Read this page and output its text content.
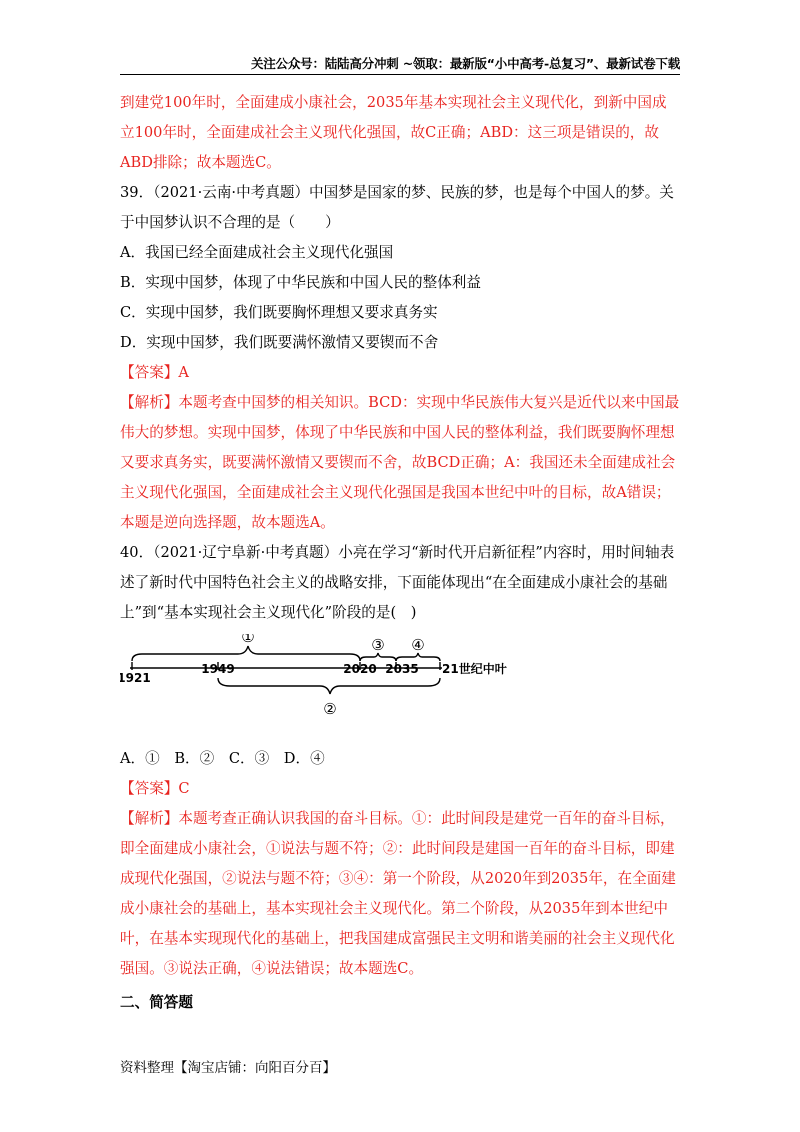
关注公众号：陆陆高分冲刺 ~领取：最新版“小中高考-总复习”、最新试卷下载

到建党100年时，全面建成小康社会，2035年基本实现社会主义现代化，到新中国成立100年时，全面建成社会主义现代化强国，故C正确；ABD：这三项是错误的，故ABD排除；故本题选C。

39．（2021·云南·中考真题）中国梦是国家的梦、民族的梦，也是每个中国人的梦。关于中国梦认识不合理的是（ ）

A．我国已经全面建成社会主义现代化强国

B．实现中国梦，体现了中华民族和中国人民的整体利益

C．实现中国梦，我们既要胸怀理想又要求真务实

D．实现中国梦，我们既要满怀激情又要锲而不舍

【答案】A

【解析】本题考查中国梦的相关知识。BCD：实现中华民族伟大复兴是近代以来中国最伟大的梦想。实现中国梦，体现了中华民族和中国人民的整体利益，我们既要胸怀理想又要求真务实，既要满怀激情又要锲而不舍，故BCD正确；A：我国还未全面建成社会主义现代化强国，全面建成社会主义现代化强国是我国本世纪中叶的目标，故A错误；本题是逆向选择题，故本题选A。

40．（2021·辽宁阜新·中考真题）小亮在学习“新时代开启新征程”内容时，用时间轴表述了新时代中国特色社会主义的战略安排，下面能体现出“在全面建成小康社会的基础上”到“基本实现社会主义现代化”阶段的是(　)

①
②
③ ④
1921
1949	2020 2035 21世纪中叶

A．①　B．②　C．③　D．④

【答案】C

【解析】本题考查正确认识我国的奋斗目标。①：此时间段是建党一百年的奋斗目标，即全面建成小康社会，①说法与题不符；②：此时间段是建国一百年的奋斗目标，即建成现代化强国，②说法与题不符；③④：第一个阶段，从2020年到2035年，在全面建成小康社会的基础上，基本实现社会主义现代化。第二个阶段，从2035年到本世纪中叶，在基本实现现代化的基础上，把我国建成富强民主文明和谐美丽的社会主义现代化强国。③说法正确，④说法错误；故本题选C。

二、简答题

资料整理【淘宝店铺：向阳百分百】
